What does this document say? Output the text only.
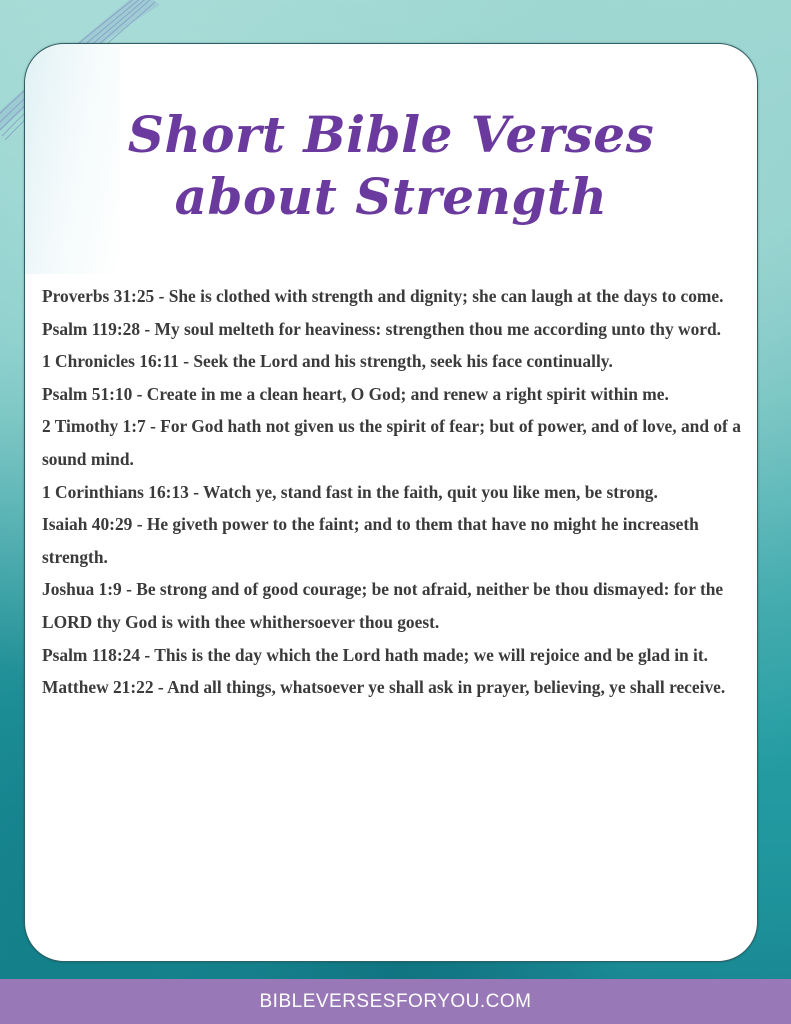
Short Bible Verses
about Strength

Proverbs 31:25 - She is clothed with strength and dignity; she can laugh at the days to come.

Psalm 119:28 - My soul melteth for heaviness: strengthen thou me according unto thy word.

1 Chronicles 16:11 - Seek the Lord and his strength, seek his face continually.

Psalm 51:10 - Create in me a clean heart, O God; and renew a right spirit within me.

2 Timothy 1:7 - For God hath not given us the spirit of fear; but of power, and of love, and of a sound mind.

1 Corinthians 16:13 - Watch ye, stand fast in the faith, quit you like men, be strong.

Isaiah 40:29 - He giveth power to the faint; and to them that have no might he increaseth strength.

Joshua 1:9 - Be strong and of good courage; be not afraid, neither be thou dismayed: for the LORD thy God is with thee whithersoever thou goest.

Psalm 118:24 - This is the day which the Lord hath made; we will rejoice and be glad in it.

Matthew 21:22 - And all things, whatsoever ye shall ask in prayer, believing, ye shall receive.

BIBLEVERSESFORYOU.COM
